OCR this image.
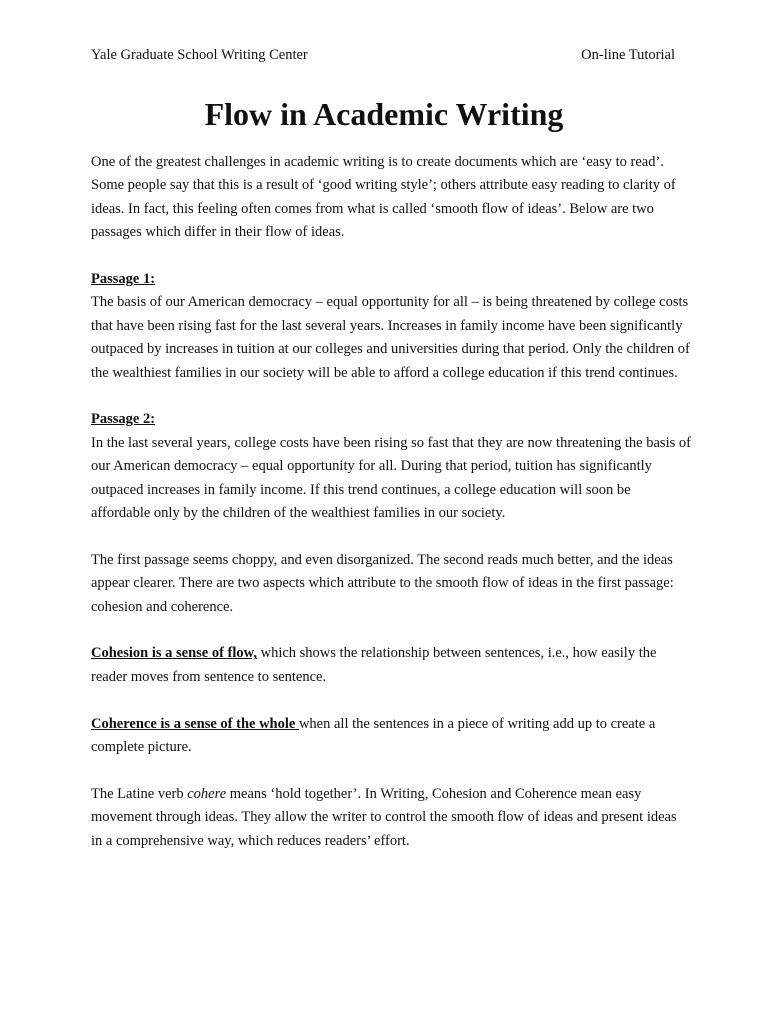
Yale Graduate School Writing Center	On-line Tutorial
Flow in Academic Writing

One of the greatest challenges in academic writing is to create documents which are ‘easy to read’. Some people say that this is a result of ‘good writing style’; others attribute easy reading to clarity of ideas. In fact, this feeling often comes from what is called ‘smooth flow of ideas’. Below are two passages which differ in their flow of ideas.

Passage 1:

The basis of our American democracy – equal opportunity for all – is being threatened by college costs that have been rising fast for the last several years. Increases in family income have been significantly outpaced by increases in tuition at our colleges and universities during that period. Only the children of the wealthiest families in our society will be able to afford a college education if this trend continues.

Passage 2:

In the last several years, college costs have been rising so fast that they are now threatening the basis of our American democracy – equal opportunity for all. During that period, tuition has significantly outpaced increases in family income. If this trend continues, a college education will soon be affordable only by the children of the wealthiest families in our society.

The first passage seems choppy, and even disorganized. The second reads much better, and the ideas appear clearer. There are two aspects which attribute to the smooth flow of ideas in the first passage: cohesion and coherence.

Cohesion is a sense of flow, which shows the relationship between sentences, i.e., how easily the reader moves from sentence to sentence.

Coherence is a sense of the whole when all the sentences in a piece of writing add up to create a complete picture.

The Latine verb cohere means ‘hold together’. In Writing, Cohesion and Coherence mean easy movement through ideas. They allow the writer to control the smooth flow of ideas and present ideas in a comprehensive way, which reduces readers’ effort.
